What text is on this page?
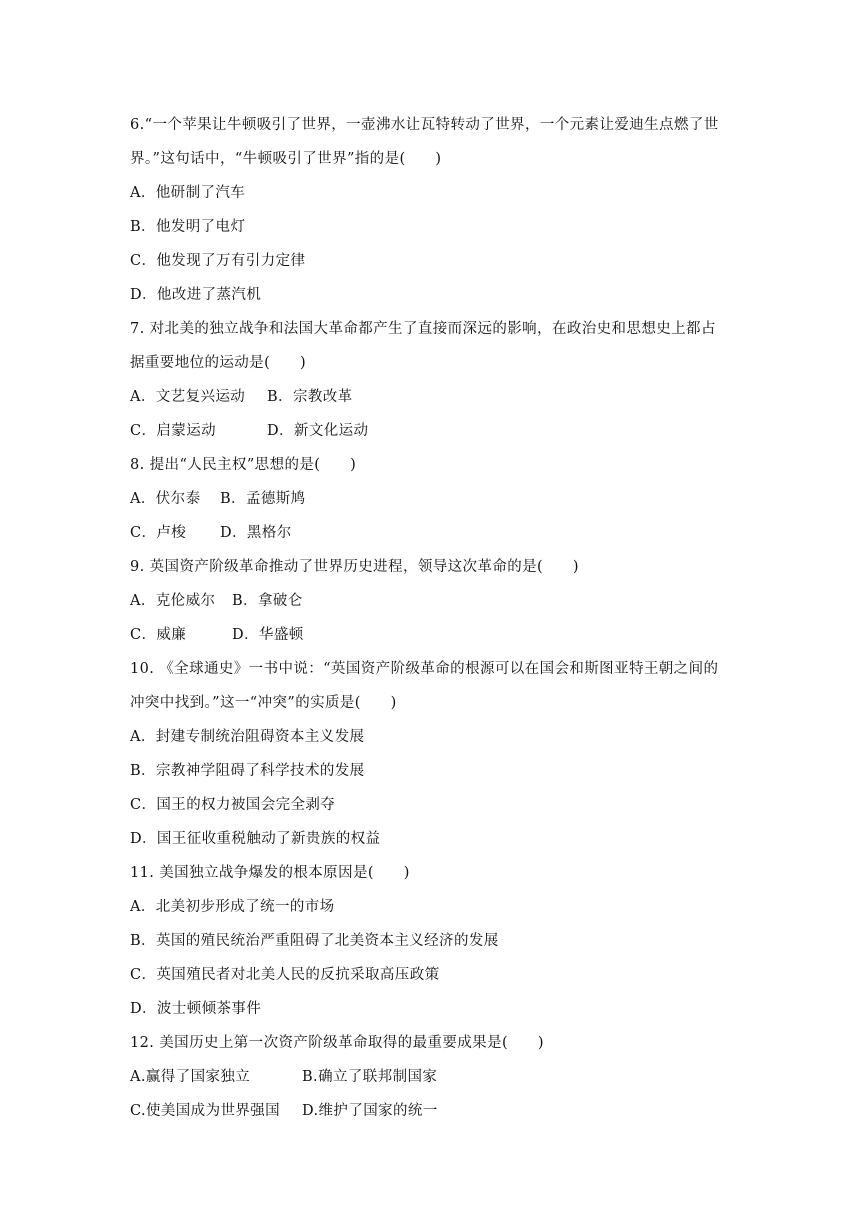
6.“一个苹果让牛顿吸引了世界，一壶沸水让瓦特转动了世界，一个元素让爱迪生点燃了世
界。”这句话中，“牛顿吸引了世界”指的是(　　)
A．他研制了汽车
B．他发明了电灯
C．他发现了万有引力定律
D．他改进了蒸汽机
7. 对北美的独立战争和法国大革命都产生了直接而深远的影响，在政治史和思想史上都占
据重要地位的运动是(　　)
A．文艺复兴运动	B．宗教改革
C．启蒙运动	D．新文化运动
8. 提出“人民主权”思想的是(　　)
A．伏尔泰	B．孟德斯鸠
C．卢梭	D．黑格尔
9. 英国资产阶级革命推动了世界历史进程，领导这次革命的是(　　)
A．克伦威尔	B．拿破仑
C．威廉	D．华盛顿
10. 《全球通史》一书中说：“英国资产阶级革命的根源可以在国会和斯图亚特王朝之间的
冲突中找到。”这一“冲突”的实质是(　　)
A．封建专制统治阻碍资本主义发展
B．宗教神学阻碍了科学技术的发展
C．国王的权力被国会完全剥夺
D．国王征收重税触动了新贵族的权益
11. 美国独立战争爆发的根本原因是(　　)
A．北美初步形成了统一的市场
B．英国的殖民统治严重阻碍了北美资本主义经济的发展
C．英国殖民者对北美人民的反抗采取高压政策
D．波士顿倾茶事件
12. 美国历史上第一次资产阶级革命取得的最重要成果是(　　)
A.赢得了国家独立	B.确立了联邦制国家
C.使美国成为世界强国	D.维护了国家的统一
